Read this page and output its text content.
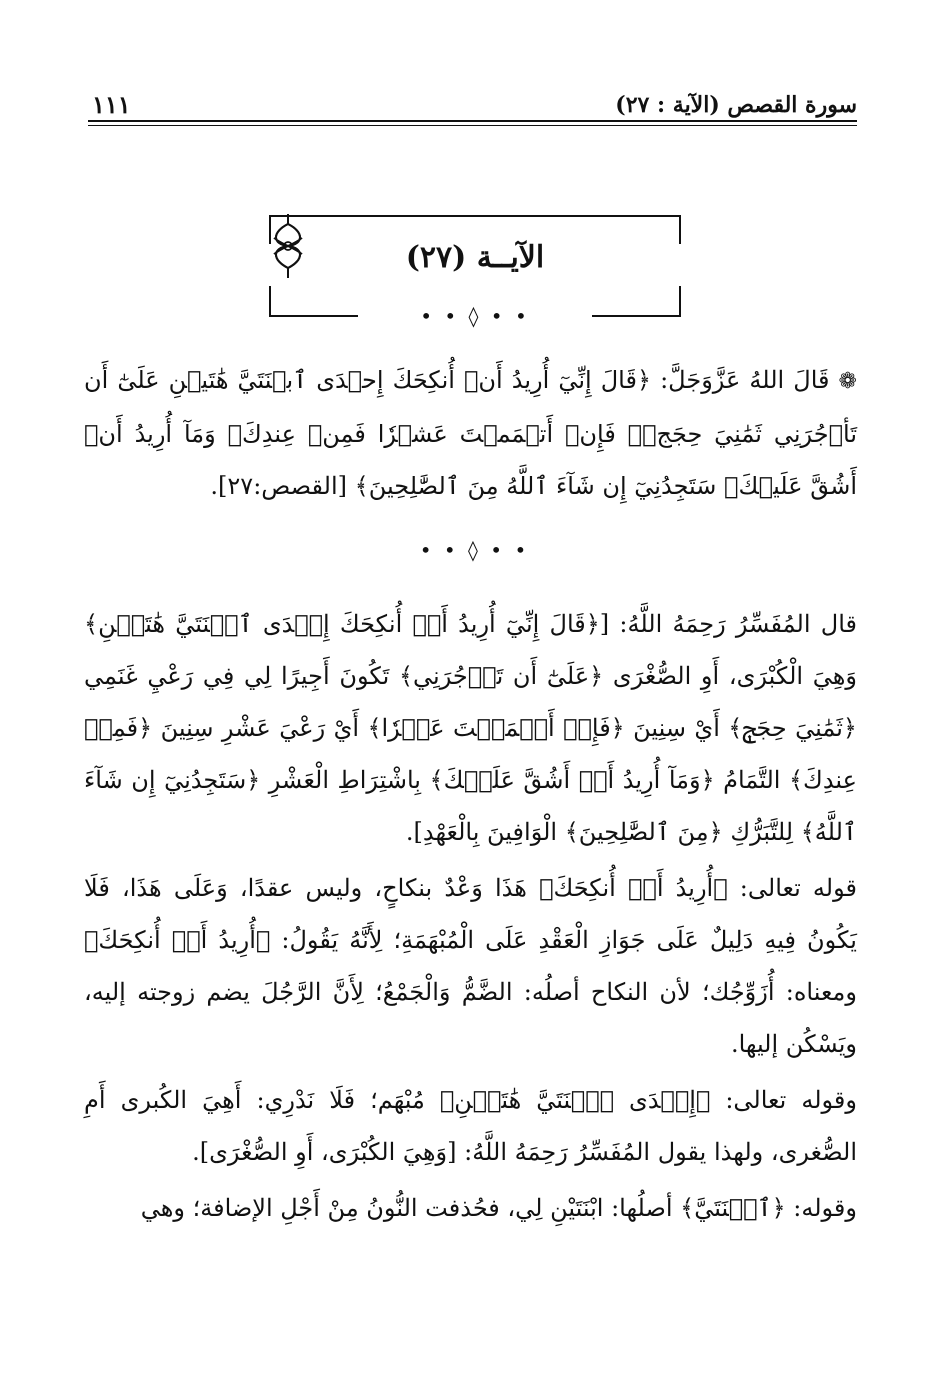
سورة القصص (الآية : ٢٧)
١١١
الآيــة (٢٧)
• • ◊ • •

❁ قَالَ اللهُ عَزَّوَجَلَّ: ﴿قَالَ إِنِّيٓ أُرِيدُ أَنۡ أُنكِحَكَ إِحۡدَى ٱبۡنَتَيَّ هَٰتَيۡنِ عَلَىٰٓ أَن تَأۡجُرَنِي ثَمَٰنِيَ حِجَجٖۖ فَإِنۡ أَتۡمَمۡتَ عَشۡرٗا فَمِنۡ عِندِكَۖ وَمَآ أُرِيدُ أَنۡ أَشُقَّ عَلَيۡكَۚ سَتَجِدُنِيٓ إِن شَآءَ ٱللَّهُ مِنَ ٱلصَّٰلِحِينَ﴾ [القصص:٢٧].

• • ◊ • •

قال المُفَسِّرُ رَحِمَهُ اللَّهُ: [﴿قَالَ إِنِّيٓ أُرِيدُ أَنۡ أُنكِحَكَ إِحۡدَى ٱبۡنَتَيَّ هَٰتَيۡنِ﴾ وَهِيَ الْكُبْرَى، أَوِ الصُّغْرَى ﴿عَلَىٰٓ أَن تَأۡجُرَنِي﴾ تَكُونَ أَجِيرًا لِي فِي رَعْيِ غَنَمِي ﴿ثَمَٰنِيَ حِجَجٖ﴾ أَيْ سِنِينَ ﴿فَإِنۡ أَتۡمَمۡتَ عَشۡرٗا﴾ أَيْ رَعْيَ عَشْرِ سِنِينَ ﴿فَمِنۡ عِندِكَ﴾ التَّمَامُ ﴿وَمَآ أُرِيدُ أَنۡ أَشُقَّ عَلَيۡكَ﴾ بِاشْتِرَاطِ الْعَشْرِ ﴿سَتَجِدُنِيٓ إِن شَآءَ ٱللَّهُ﴾ لِلتَّبَرُّكِ ﴿مِنَ ٱلصَّٰلِحِينَ﴾ الْوَافِينَ بِالْعَهْدِ].

قوله تعالى: ﴿أُرِيدُ أَنۡ أُنكِحَكَ﴾ هَذَا وَعْدٌ بنكاحٍ، وليس عقدًا، وَعَلَى هَذَا، فَلَا يَكُونُ فِيهِ دَلِيلٌ عَلَى جَوَازِ الْعَقْدِ عَلَى الْمُبْهَمَةِ؛ لِأَنَّهُ يَقُولُ: ﴿أُرِيدُ أَنۡ أُنكِحَكَ﴾ ومعناه: أُزَوِّجُك؛ لأن النكاح أصلُه: الضَّمُّ وَالْجَمْعُ؛ لِأَنَّ الرَّجُلَ يضم زوجته إليه، ويَسْكُن إليها.

وقوله تعالى: ﴿إِحۡدَى ٱبۡنَتَيَّ هَٰتَيۡنِ﴾ مُبْهَم؛ فَلَا نَدْرِي: أَهِيَ الكُبرى أَمِ الصُّغرى، ولهذا يقول المُفَسِّرُ رَحِمَهُ اللَّهُ: [وَهِيَ الكُبْرَى، أَوِ الصُّغْرَى].

وقوله: ﴿ٱبۡنَتَيَّ﴾ أصلُها: ابْنَتَيْنِ لِي، فحُذفت النُّونُ مِنْ أَجْلِ الإضافة؛ وهي
